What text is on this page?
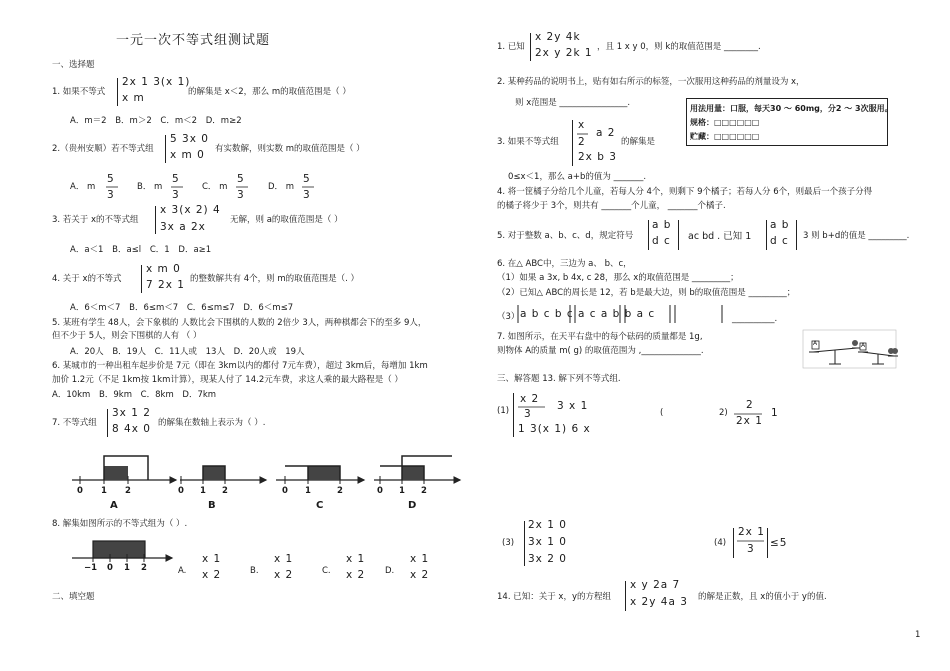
1
一元一次不等式组测试题
一、选择题
1. 如果不等式
2x 1 3(x 1)
x m	的解集是 x＜2，那么 m的取值范围是（ ）
A．m＝2 B．m＞2 C．m＜2 D．m≥2
2.（贵州安顺）若不等式组
5 3x 0
x m 0 有实数解，则实数 m的取值范围是（ ）
A． m
5
3
B． m
5
3
C． m
5
3
D． m
5
3
3. 若关于 x的不等式组
x 3(x 2) 4
3x a 2x
无解，则 a的取值范围是（ ）
A．a＜1 B．a≤l C．1 D．a≥1
4. 关于 x的不等式
x m 0
7 2x 1 的整数解共有 4个，则 m的取值范围是（. ）
A．6＜m＜7 B．6≤m＜7 C．6≤m≤7 D．6＜m≤7
5. 某班有学生 48人，会下象棋的 人数比会下围棋的人数的 2倍少 3人，两种棋都会下的至多 9人，
但不少于 5人，则会下围棋的人有 （ ）
A．20人 B．19人 C．11人或 13人 D．20人或 19人
6. 某城市的一种出租车起步价是 7元（即在 3km以内的都付 7元车费），超过 3km后，每增加 1km
加价 1.2元（不足 1km按 1km计算），现某人付了 14.2元车费，求这人乘的最大路程是（ ）
A．10km B．9km C．8km D．7km
7. 不等式组
3x 1 2
8 4x 0 的解集在数轴上表示为（ ）.
0 1 2	0 1 2	0 1	2	0 1 2
A	B	C	D
8. 解集如图所示的不等式组为（ ）.
−1 0 1 2	A.
x 1
x 2	B.
x 1
x 2	C.
x 1
x 2 D.
x 1
x 2
二、填空题
1. 已知
x 2y 4k
2x y 2k 1 ，且 1 x y 0，则 k的取值范围是 ________.
2. 某种药品的说明书上，贴有如右所示的标签，一次服用这种药品的剂量设为 x，
则 x范围是 ________________.
用法用量：口服，每天30 ～ 60mg，分2 ～ 3次服用。
规格：□□□□□□
贮藏：□□□□□□
3. 如果不等式组
x
2
a 2
2x b 3
的解集是
0≤x＜1，那么 a+b的值为 _______.
4. 将一筐橘子分给几个儿童，若每人分 4个，则剩下 9个橘子；若每人分 6个，则最后一个孩子分得
的橘子将少于 3个，则共有 _______个儿童， _______个橘子.
5. 对于整数 a、b、c、d，规定符号
a b
d c ac bd . 已知 1
a b
d c 3 则 b+d的值是 _________.
6. 在△ ABC中，三边为 a、 b、c，
（1）如果 a 3x, b 4x, c 28，那么 x的取值范围是 _________；
（2）已知△ ABC的周长是 12，若 b是最大边，则 b的取值范围是 _________；
（3） a b c b c a c a b b a c	__________.
7. 如图所示，在天平右盘中的每个砝码的质量都是 1g,
则物体 A的质量 m( g) 的取值范围为 ,______________.
A	A
三、解答题 13. 解下列不等式组.
(1)
x 2
3
3 x 1
1 3(x 1) 6 x
(	2)
2
2x 1
1
(3)
2x 1 0
3x 1 0
3x 2 0
(4)
2x 1
3 ≤5
14. 已知：关于 x，y的方程组
x y 2a 7
x 2y 4a 3 的解是正数，且 x的值小于 y的值.
